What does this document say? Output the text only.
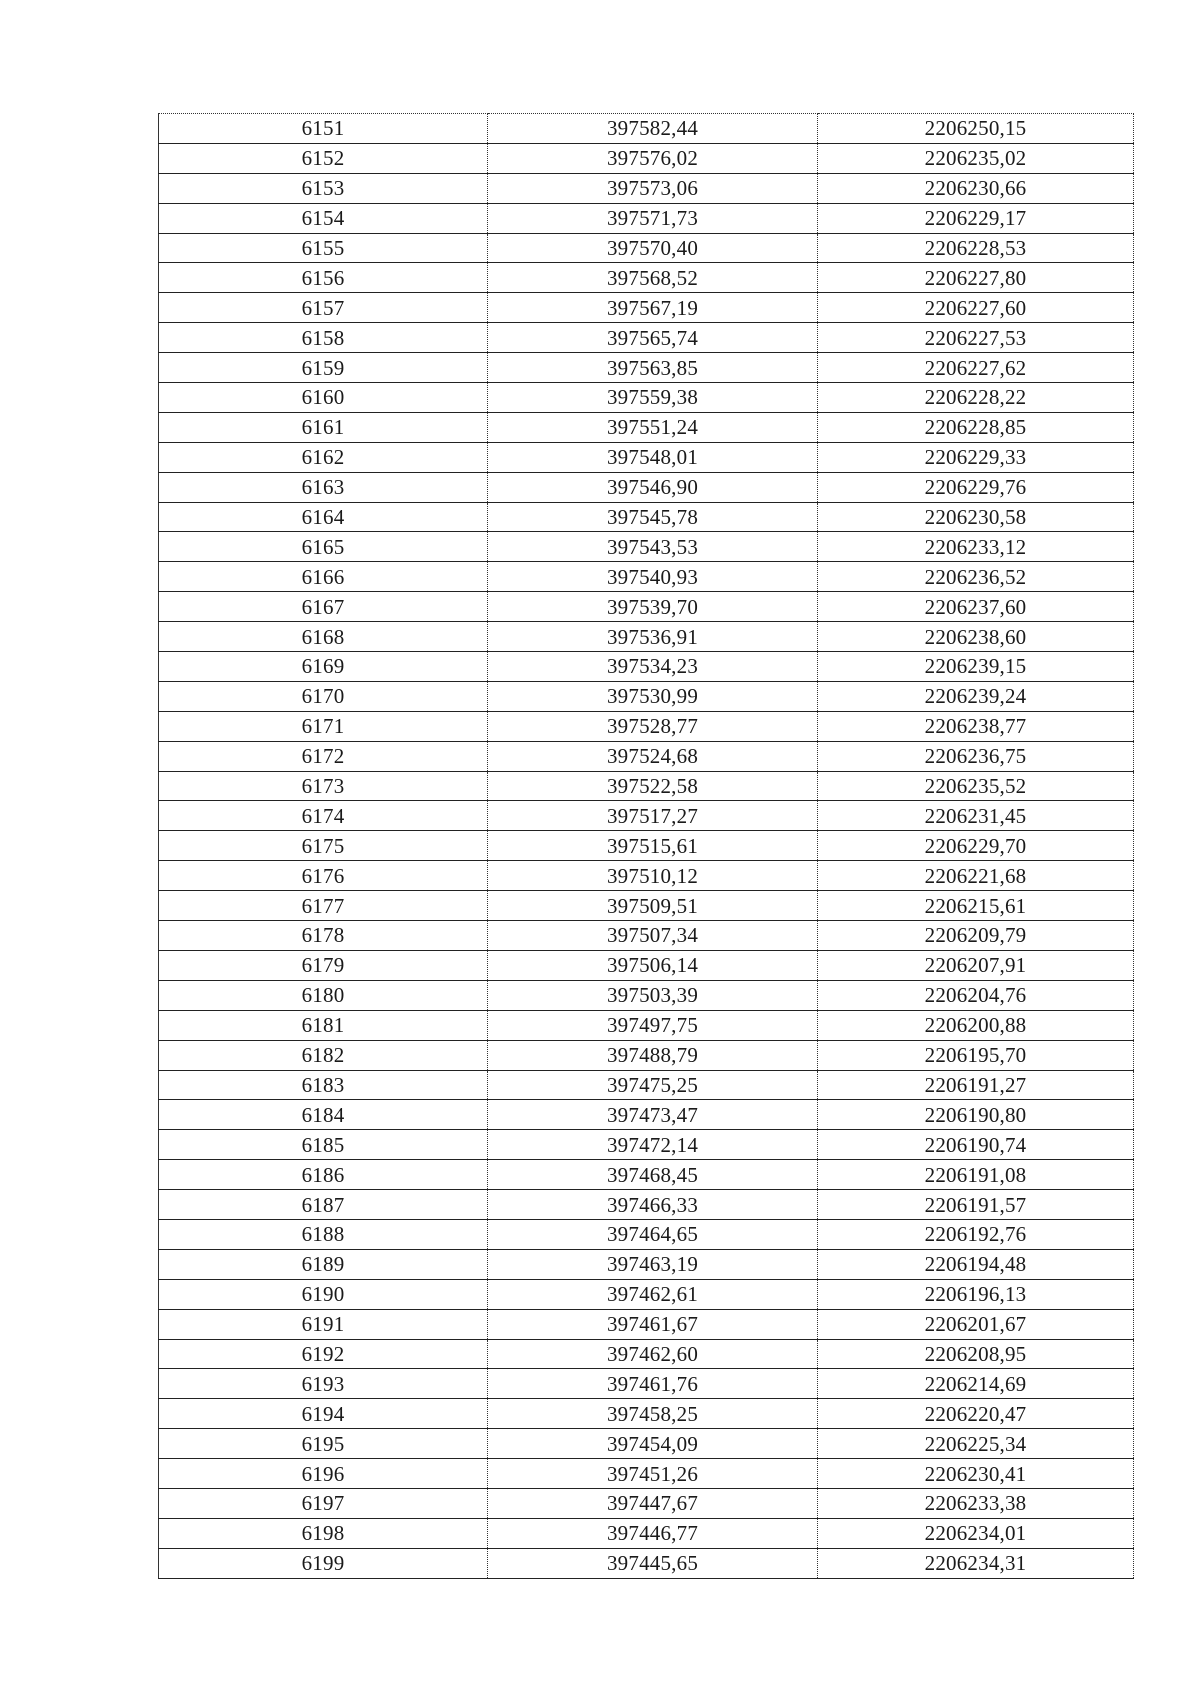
6151	397582,44	2206250,15
6152	397576,02	2206235,02
6153	397573,06	2206230,66
6154	397571,73	2206229,17
6155	397570,40	2206228,53
6156	397568,52	2206227,80
6157	397567,19	2206227,60
6158	397565,74	2206227,53
6159	397563,85	2206227,62
6160	397559,38	2206228,22
6161	397551,24	2206228,85
6162	397548,01	2206229,33
6163	397546,90	2206229,76
6164	397545,78	2206230,58
6165	397543,53	2206233,12
6166	397540,93	2206236,52
6167	397539,70	2206237,60
6168	397536,91	2206238,60
6169	397534,23	2206239,15
6170	397530,99	2206239,24
6171	397528,77	2206238,77
6172	397524,68	2206236,75
6173	397522,58	2206235,52
6174	397517,27	2206231,45
6175	397515,61	2206229,70
6176	397510,12	2206221,68
6177	397509,51	2206215,61
6178	397507,34	2206209,79
6179	397506,14	2206207,91
6180	397503,39	2206204,76
6181	397497,75	2206200,88
6182	397488,79	2206195,70
6183	397475,25	2206191,27
6184	397473,47	2206190,80
6185	397472,14	2206190,74
6186	397468,45	2206191,08
6187	397466,33	2206191,57
6188	397464,65	2206192,76
6189	397463,19	2206194,48
6190	397462,61	2206196,13
6191	397461,67	2206201,67
6192	397462,60	2206208,95
6193	397461,76	2206214,69
6194	397458,25	2206220,47
6195	397454,09	2206225,34
6196	397451,26	2206230,41
6197	397447,67	2206233,38
6198	397446,77	2206234,01
6199	397445,65	2206234,31
